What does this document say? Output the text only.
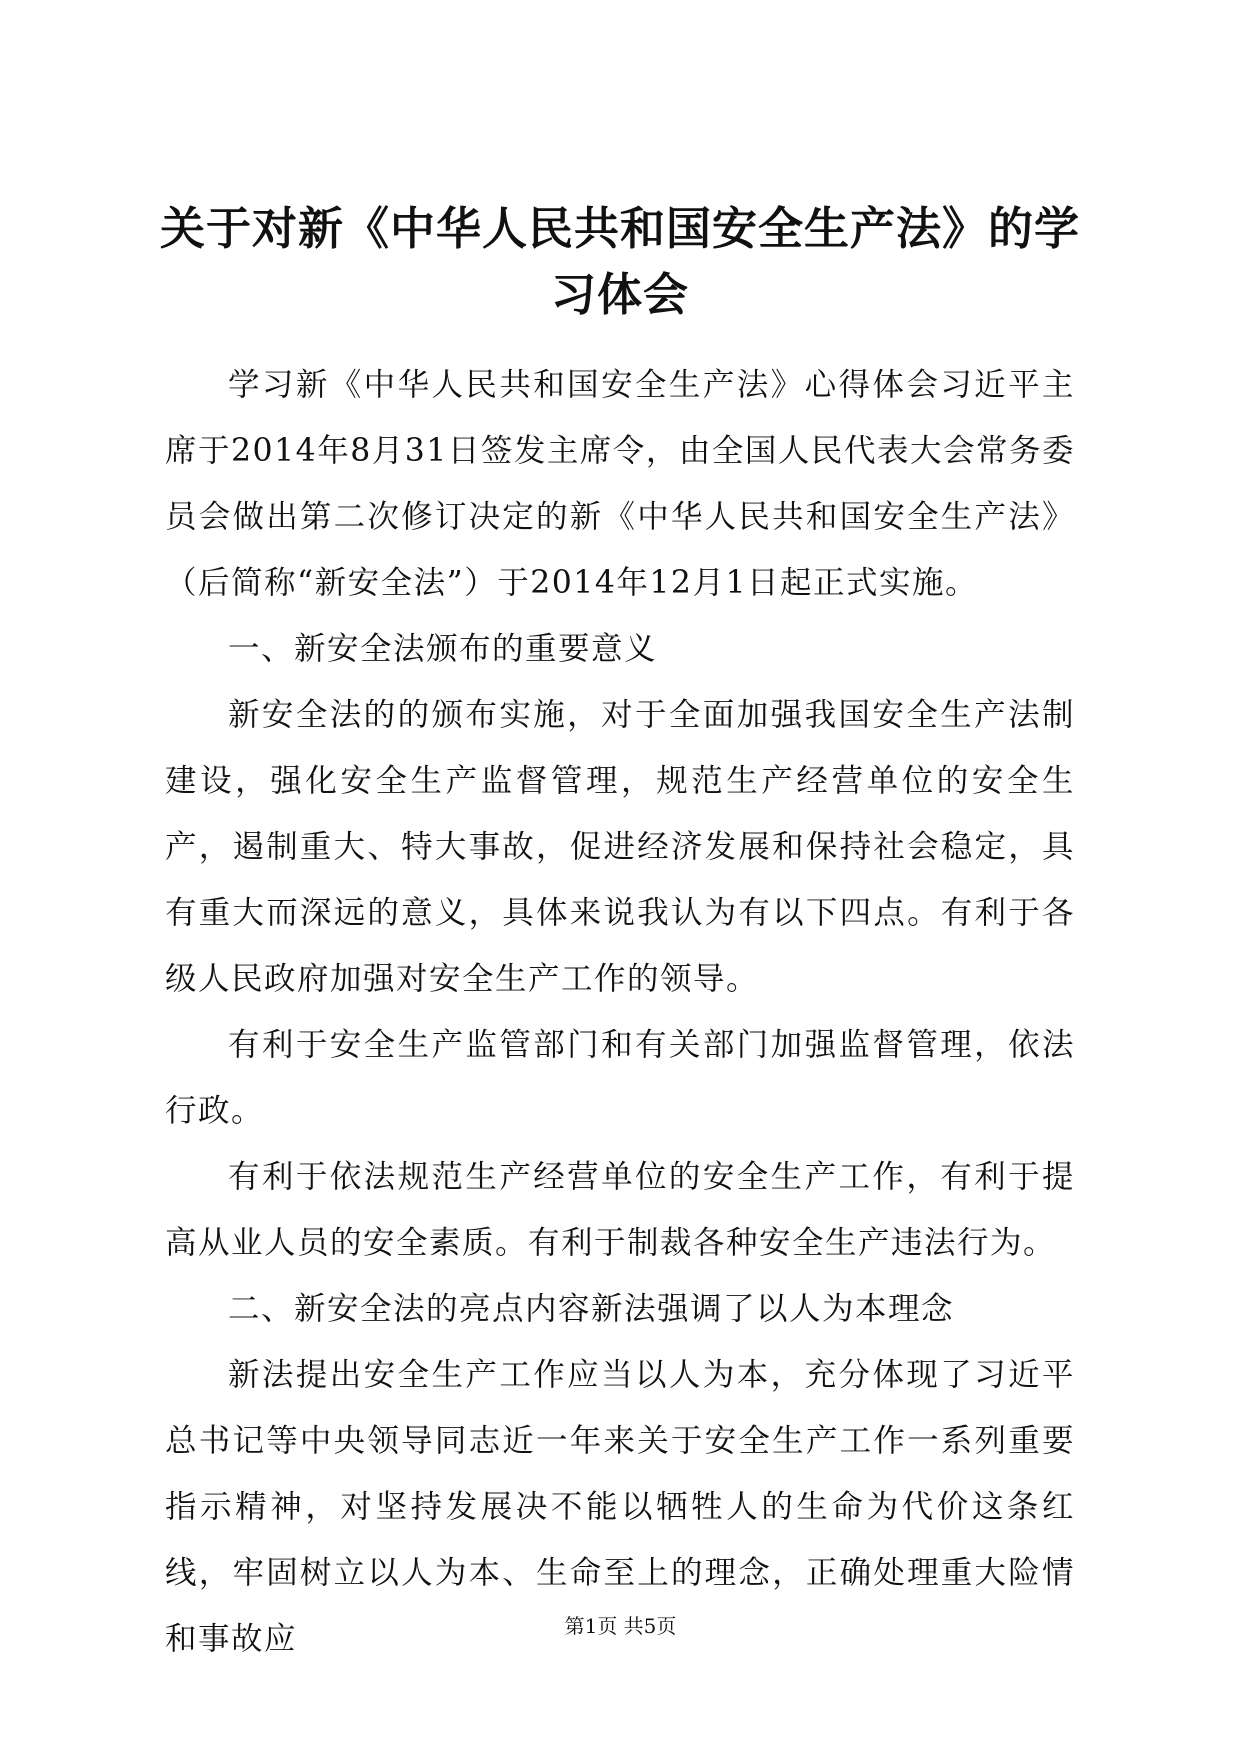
关于对新《中华人民共和国安全生产法》的学习体会

学习新《中华人民共和国安全生产法》心得体会习近平主席于2014年8月31日签发主席令，由全国人民代表大会常务委员会做出第二次修订决定的新《中华人民共和国安全生产法》（后简称“新安全法”）于2014年12月1日起正式实施。

一、新安全法颁布的重要意义

新安全法的的颁布实施，对于全面加强我国安全生产法制建设，强化安全生产监督管理，规范生产经营单位的安全生产，遏制重大、特大事故，促进经济发展和保持社会稳定，具有重大而深远的意义，具体来说我认为有以下四点。有利于各级人民政府加强对安全生产工作的领导。

有利于安全生产监管部门和有关部门加强监督管理，依法行政。

有利于依法规范生产经营单位的安全生产工作，有利于提高从业人员的安全素质。有利于制裁各种安全生产违法行为。

二、新安全法的亮点内容新法强调了以人为本理念

新法提出安全生产工作应当以人为本，充分体现了习近平总书记等中央领导同志近一年来关于安全生产工作一系列重要指示精神，对坚持发展决不能以牺牲人的生命为代价这条红线，牢固树立以人为本、生命至上的理念，正确处理重大险情和事故应	第1页 共5页
